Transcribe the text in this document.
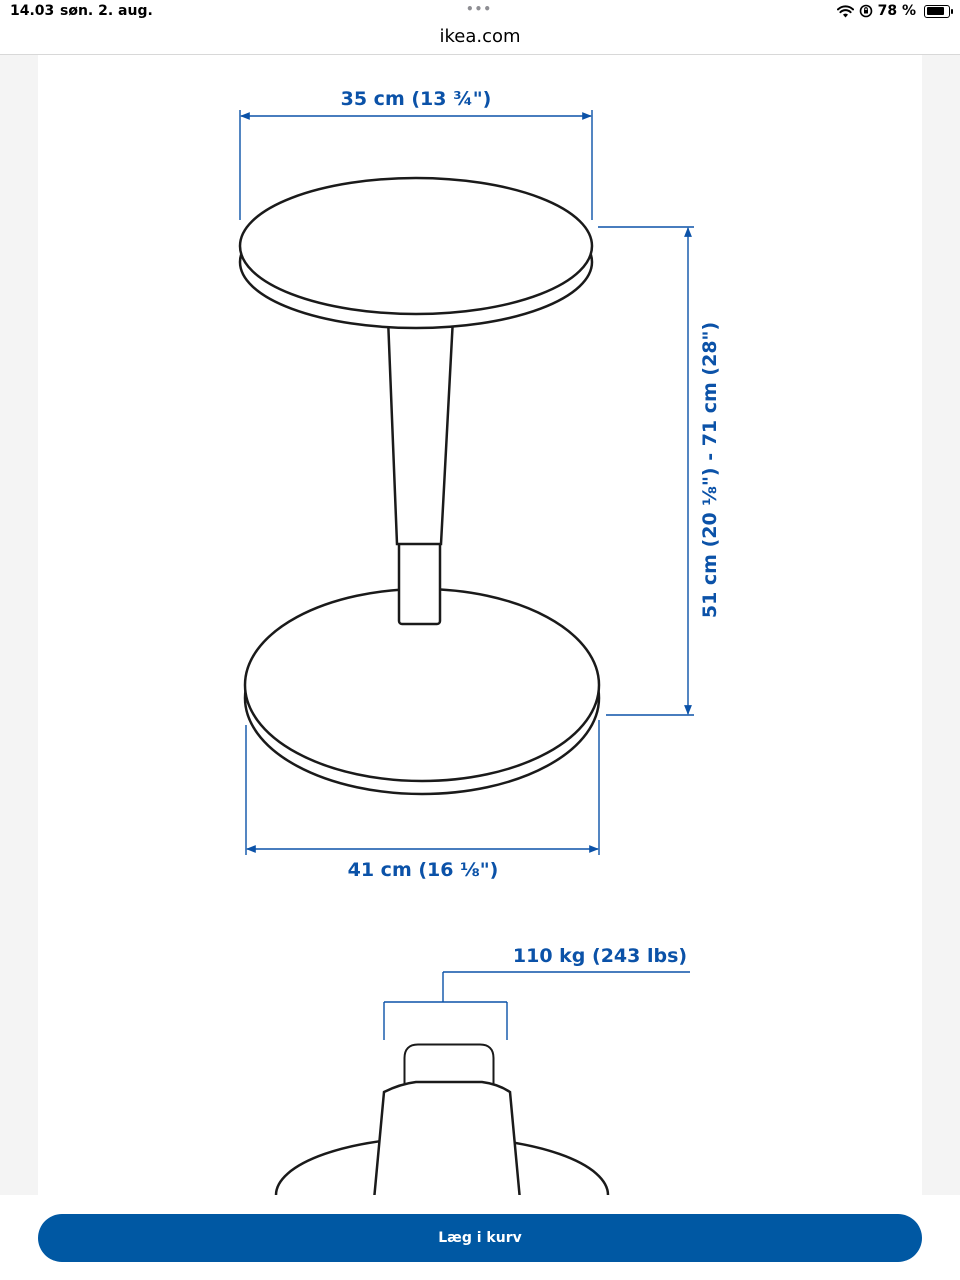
14.03 søn. 2. aug.	•••	78 %
ikea.com
35 cm (13 ¾")
51 cm (20 ⅛") - 71 cm (28")
41 cm (16 ⅛")
110 kg (243 lbs)
Læg i kurv
